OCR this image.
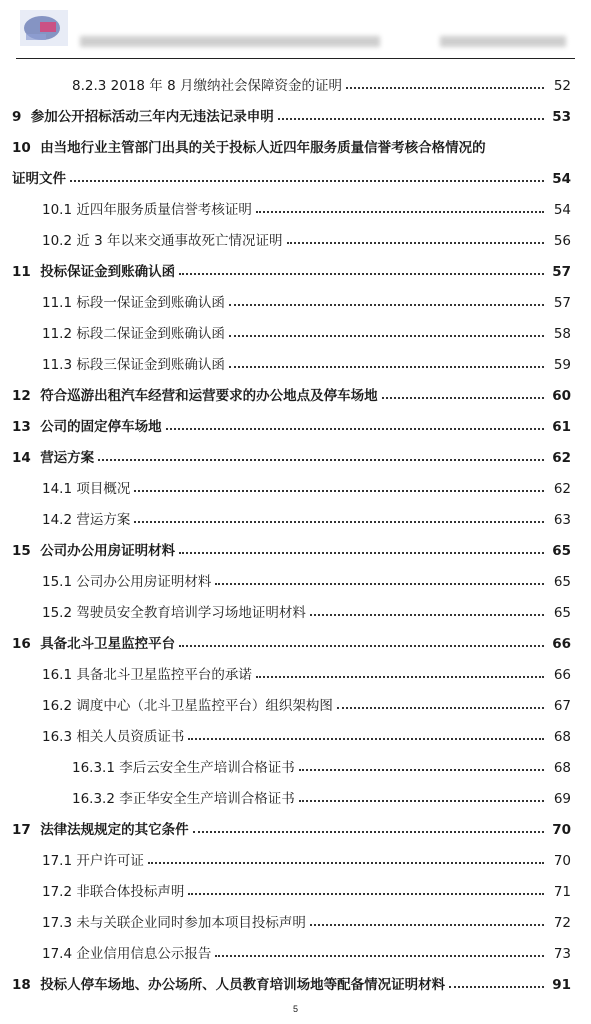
8.2.3 2018 年 8 月缴纳社会保障资金的证明	52
9 参加公开招标活动三年内无违法记录申明	53
10 由当地行业主管部门出具的关于投标人近四年服务质量信誉考核合格情况的
证明文件	54
10.1 近四年服务质量信誉考核证明	54
10.2 近 3 年以来交通事故死亡情况证明	56
11 投标保证金到账确认函	57
11.1 标段一保证金到账确认函	57
11.2 标段二保证金到账确认函	58
11.3 标段三保证金到账确认函	59
12 符合巡游出租汽车经营和运营要求的办公地点及停车场地	60
13 公司的固定停车场地	61
14 营运方案	62
14.1 项目概况	62
14.2 营运方案	63
15 公司办公用房证明材料	65
15.1 公司办公用房证明材料	65
15.2 驾驶员安全教育培训学习场地证明材料	65
16 具备北斗卫星监控平台	66
16.1 具备北斗卫星监控平台的承诺	66
16.2 调度中心（北斗卫星监控平台）组织架构图	67
16.3 相关人员资质证书	68
16.3.1 李后云安全生产培训合格证书	68
16.3.2 李正华安全生产培训合格证书	69
17 法律法规规定的其它条件	70
17.1 开户许可证	70
17.2 非联合体投标声明	71
17.3 未与关联企业同时参加本项目投标声明	72
17.4 企业信用信息公示报告	73
18 投标人停车场地、办公场所、人员教育培训场地等配备情况证明材料	91
5
